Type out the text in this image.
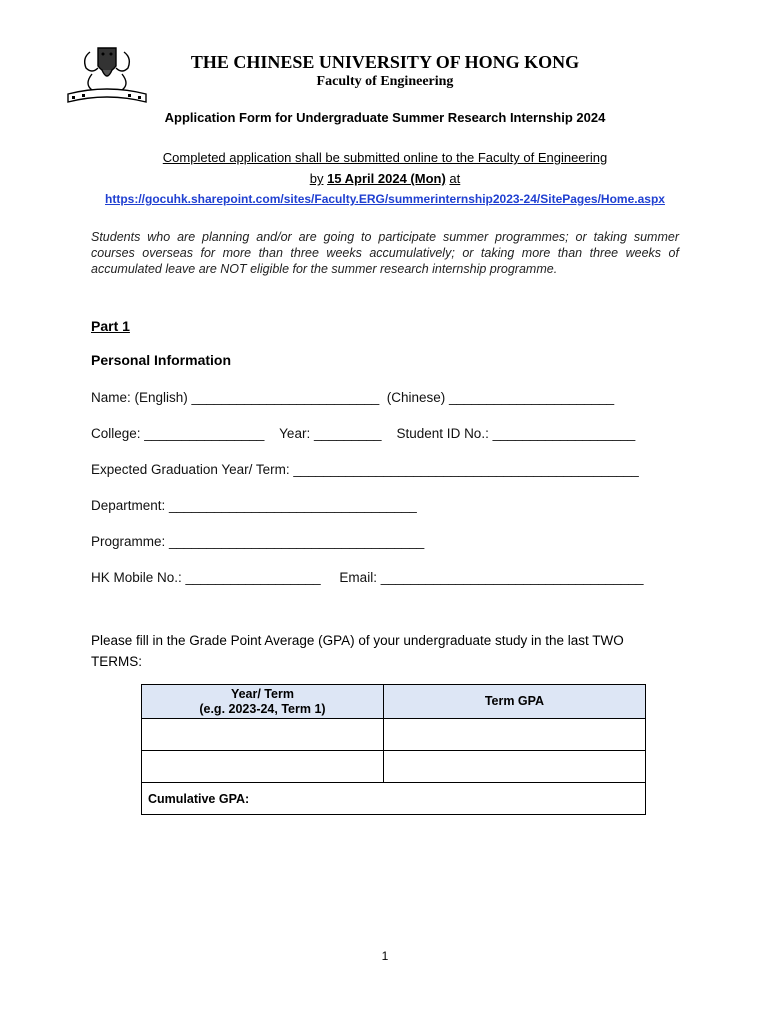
THE CHINESE UNIVERSITY OF HONG KONG
Faculty of Engineering
Application Form for Undergraduate Summer Research Internship 2024
Completed application shall be submitted online to the Faculty of Engineering
by 15 April 2024 (Mon) at
https://gocuhk.sharepoint.com/sites/Faculty.ERG/summerinternship2023-24/SitePages/Home.aspx
Students who are planning and/or are going to participate summer programmes; or taking summer courses overseas for more than three weeks accumulatively; or taking more than three weeks of accumulated leave are NOT eligible for the summer research internship programme.
Part 1
Personal Information
Name: (English) _________________________  (Chinese) ______________________
College: ________________    Year: _________    Student ID No.: ___________________
Expected Graduation Year/ Term: ______________________________________________
Department: _________________________________
Programme: __________________________________
HK Mobile No.: __________________     Email: ___________________________________
Please fill in the Grade Point Average (GPA) of your undergraduate study in the last TWO TERMS:
Year/ Term
(e.g. 2023-24, Term 1)	Term GPA

Cumulative GPA:	
1
